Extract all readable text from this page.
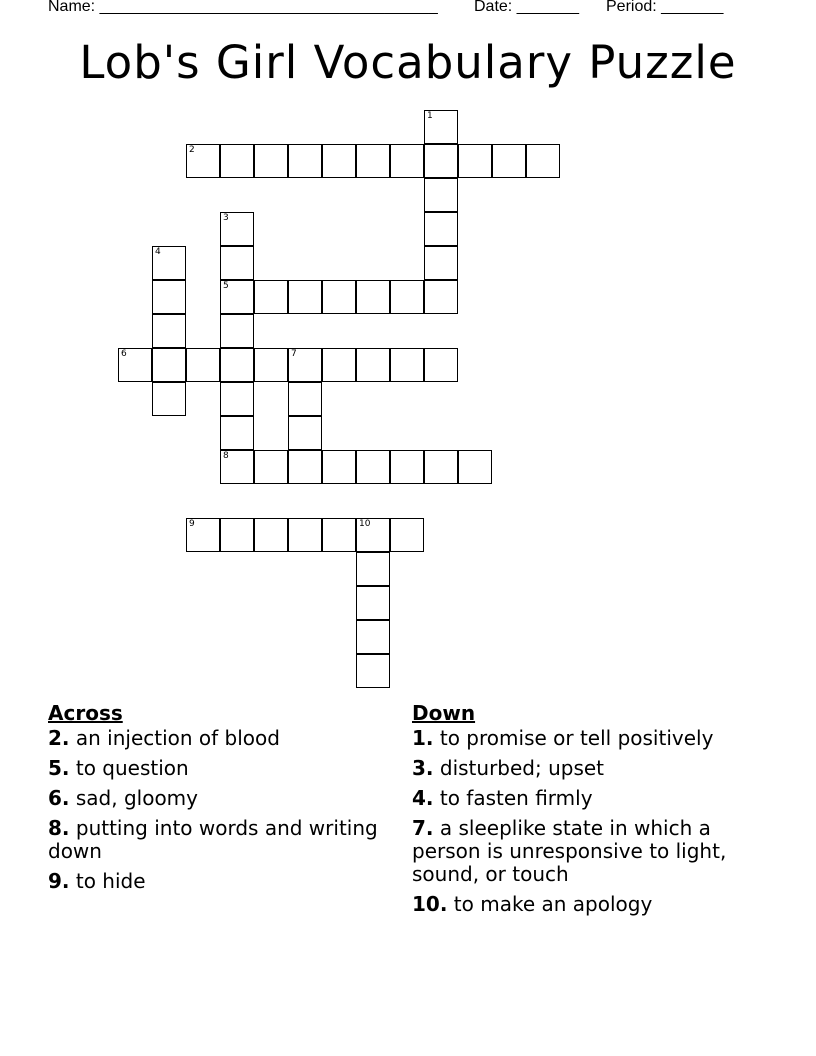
Name: ______________________________________ Date: _______ Period: _______
Lob's Girl Vocabulary Puzzle
1
2
3
5
8
4
6	7
9	10
Across
2. an injection of blood
5. to question
6. sad, gloomy
8. putting into words and writing down
9. to hide
Down
1. to promise or tell positively
3. disturbed; upset
4. to fasten firmly
7. a sleeplike state in which a person is unresponsive to light, sound, or touch
10. to make an apology
